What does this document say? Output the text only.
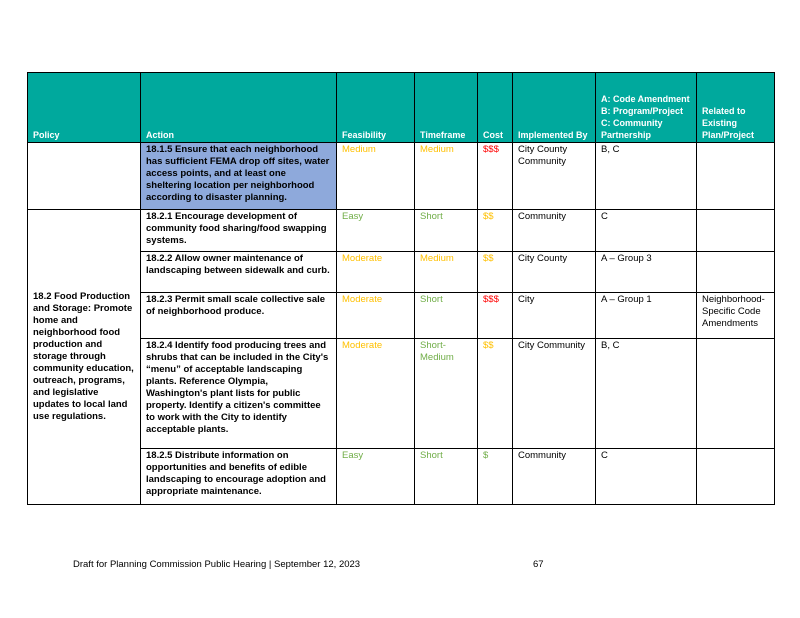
Policy	Action	Feasibility	Timeframe	Cost	Implemented By	A: Code Amendment B: Program/Project C: Community Partnership	Related to Existing Plan/Project
	18.1.5 Ensure that each neighborhood has sufficient FEMA drop off sites, water access points, and at least one sheltering location per neighborhood according to disaster planning.	Medium	Medium	$$$	City County Community	B, C	
18.2 Food Production and Storage: Promote home and neighborhood food production and storage through community education, outreach, programs, and legislative updates to local land use regulations.	18.2.1 Encourage development of community food sharing/food swapping systems.	Easy	Short	$$	Community	C	
	18.2.2 Allow owner maintenance of landscaping between sidewalk and curb.	Moderate	Medium	$$	City County	A – Group 3	
	18.2.3 Permit small scale collective sale of neighborhood produce.	Moderate	Short	$$$	City	A – Group 1	Neighborhood-Specific Code Amendments
	18.2.4 Identify food producing trees and shrubs that can be included in the City's “menu” of acceptable landscaping plants. Reference Olympia, Washington's plant lists for public property. Identify a citizen's committee to work with the City to identify acceptable plants.	Moderate	Short-Medium	$$	City Community	B, C	
	18.2.5 Distribute information on opportunities and benefits of edible landscaping to encourage adoption and appropriate maintenance.	Easy	Short	$	Community	C	
Draft for Planning Commission Public Hearing | September 12, 2023	67
